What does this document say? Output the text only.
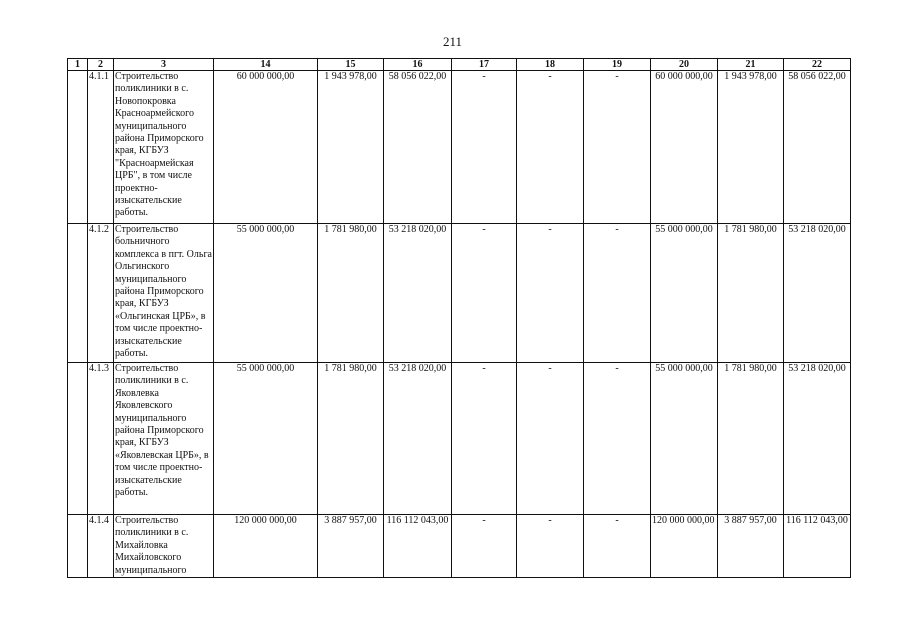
211
1	2	3	14	15	16	17	18	19	20	21	22
	4.1.1	Строительство поликлиники в с. Новопокровка Красноармейского муниципального района Приморского края, КГБУЗ "Красноармейская ЦРБ", в том числе проектно-изыскательские работы.	60 000 000,00	1 943 978,00	58 056 022,00	-	-	-	60 000 000,00	1 943 978,00	58 056 022,00
	4.1.2	Строительство больничного комплекса в пгт. Ольга Ольгинского муниципального района Приморского края, КГБУЗ «Ольгинская ЦРБ», в том числе проектно-изыскательские работы.	55 000 000,00	1 781 980,00	53 218 020,00	-	-	-	55 000 000,00	1 781 980,00	53 218 020,00
	4.1.3	Строительство поликлиники в с. Яковлевка Яковлевского муниципального района Приморского края, КГБУЗ «Яковлевская ЦРБ», в том числе проектно-изыскательские работы.	55 000 000,00	1 781 980,00	53 218 020,00	-	-	-	55 000 000,00	1 781 980,00	53 218 020,00
	4.1.4	Строительство поликлиники в с. Михайловка Михайловского муниципального	120 000 000,00	3 887 957,00	116 112 043,00	-	-	-	120 000 000,00	3 887 957,00	116 112 043,00
